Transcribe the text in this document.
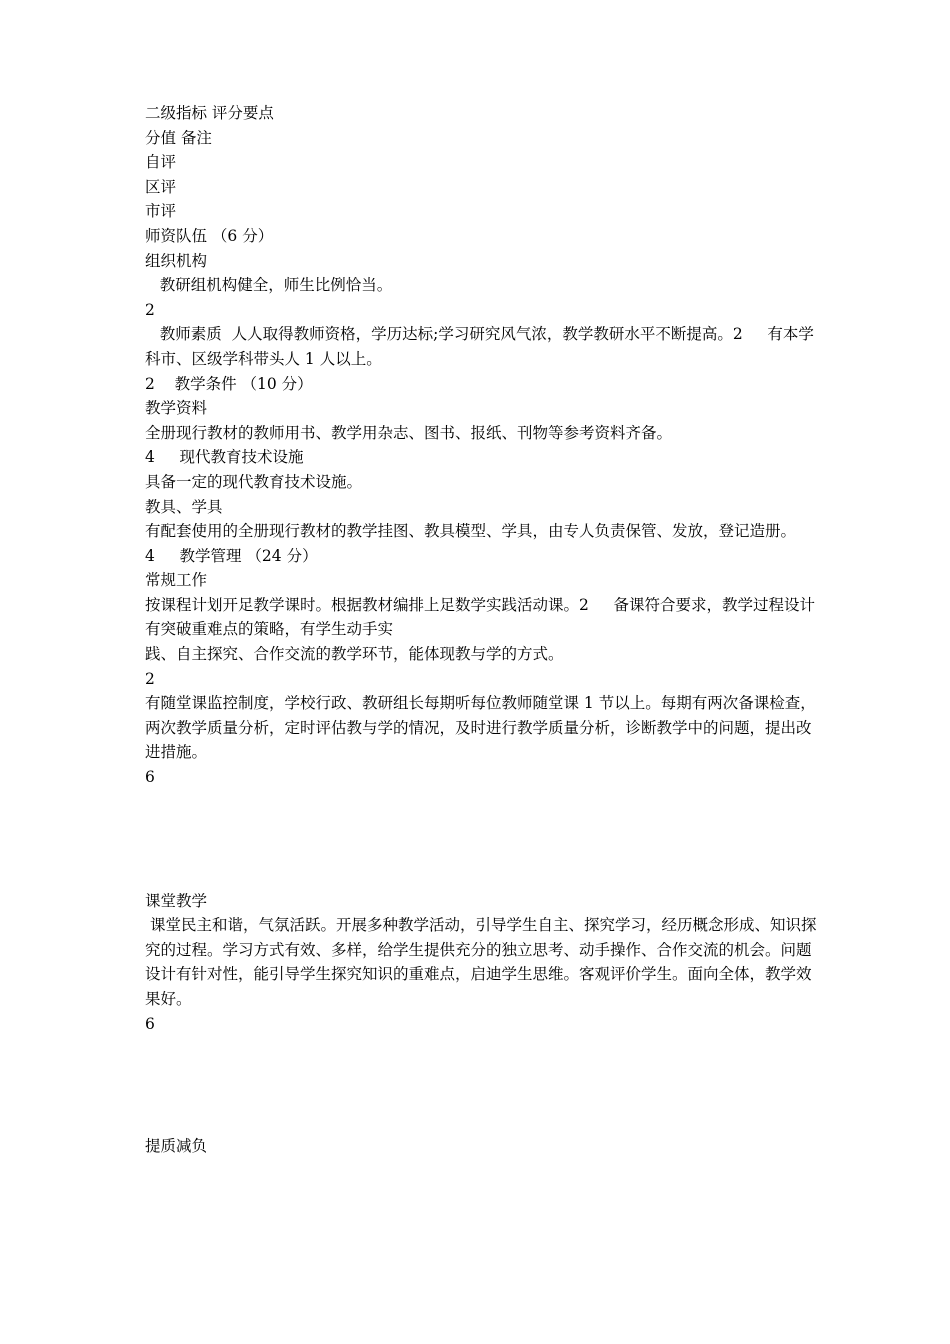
二级指标 评分要点
分值 备注
自评
区评
市评
师资队伍 （6 分）
组织机构
教研组机构健全，师生比例恰当。
2
教师素质  人人取得教师资格，学历达标;学习研究风气浓，教学教研水平不断提高。2     有本学科市、区级学科带头人 1 人以上。
2    教学条件 （10 分）
教学资料
全册现行教材的教师用书、教学用杂志、图书、报纸、刊物等参考资料齐备。
4     现代教育技术设施
具备一定的现代教育技术设施。
教具、学具
有配套使用的全册现行教材的教学挂图、教具模型、学具，由专人负责保管、发放，登记造册。
4     教学管理 （24 分）
常规工作
按课程计划开足教学课时。根据教材编排上足数学实践活动课。2     备课符合要求，教学过程设计有突破重难点的策略，有学生动手实
践、自主探究、合作交流的教学环节，能体现教与学的方式。
2
有随堂课监控制度，学校行政、教研组长每期听每位教师随堂课 1 节以上。每期有两次备课检查，两次教学质量分析，定时评估教与学的情况，及时进行教学质量分析，诊断教学中的问题，提出改进措施。
6
课堂教学
课堂民主和谐，气氛活跃。开展多种教学活动，引导学生自主、探究学习，经历概念形成、知识探究的过程。学习方式有效、多样，给学生提供充分的独立思考、动手操作、合作交流的机会。问题设计有针对性，能引导学生探究知识的重难点，启迪学生思维。客观评价学生。面向全体，教学效果好。
6
提质减负
